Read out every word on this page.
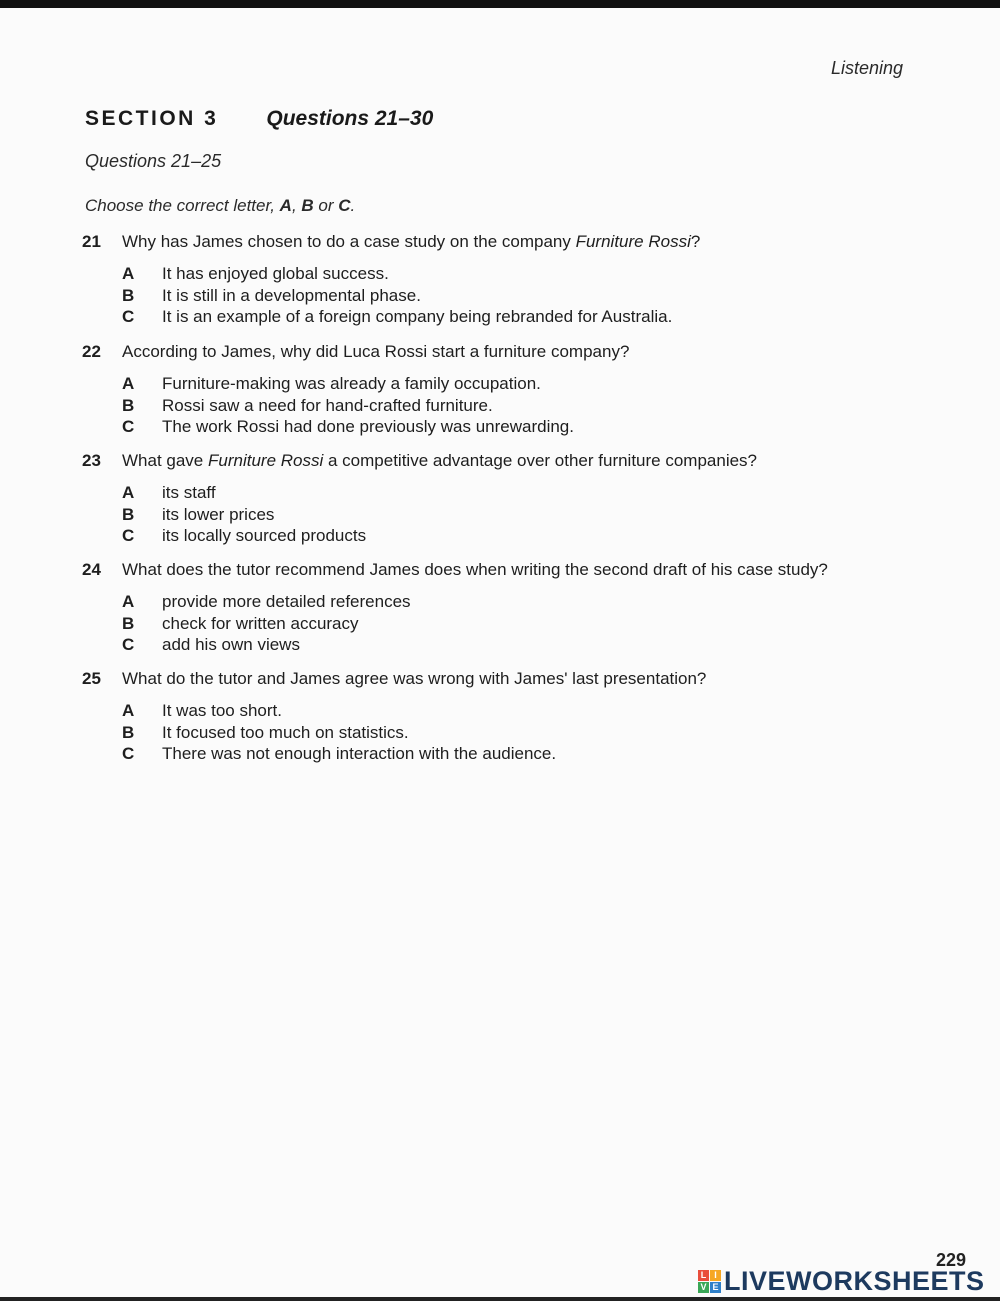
Listening
SECTION 3 Questions 21–30
Questions 21–25
Choose the correct letter, A, B or C.
21	Why has James chosen to do a case study on the company Furniture Rossi?
A	It has enjoyed global success.
B	It is still in a developmental phase.
C	It is an example of a foreign company being rebranded for Australia.
22	According to James, why did Luca Rossi start a furniture company?
A	Furniture-making was already a family occupation.
B	Rossi saw a need for hand-crafted furniture.
C	The work Rossi had done previously was unrewarding.
23	What gave Furniture Rossi a competitive advantage over other furniture companies?
A	its staff
B	its lower prices
C	its locally sourced products
24	What does the tutor recommend James does when writing the second draft of his case study?
A	provide more detailed references
B	check for written accuracy
C	add his own views
25	What do the tutor and James agree was wrong with James' last presentation?
A	It was too short.
B	It focused too much on statistics.
C	There was not enough interaction with the audience.
229
L I
V E LIVEWORKSHEETS
